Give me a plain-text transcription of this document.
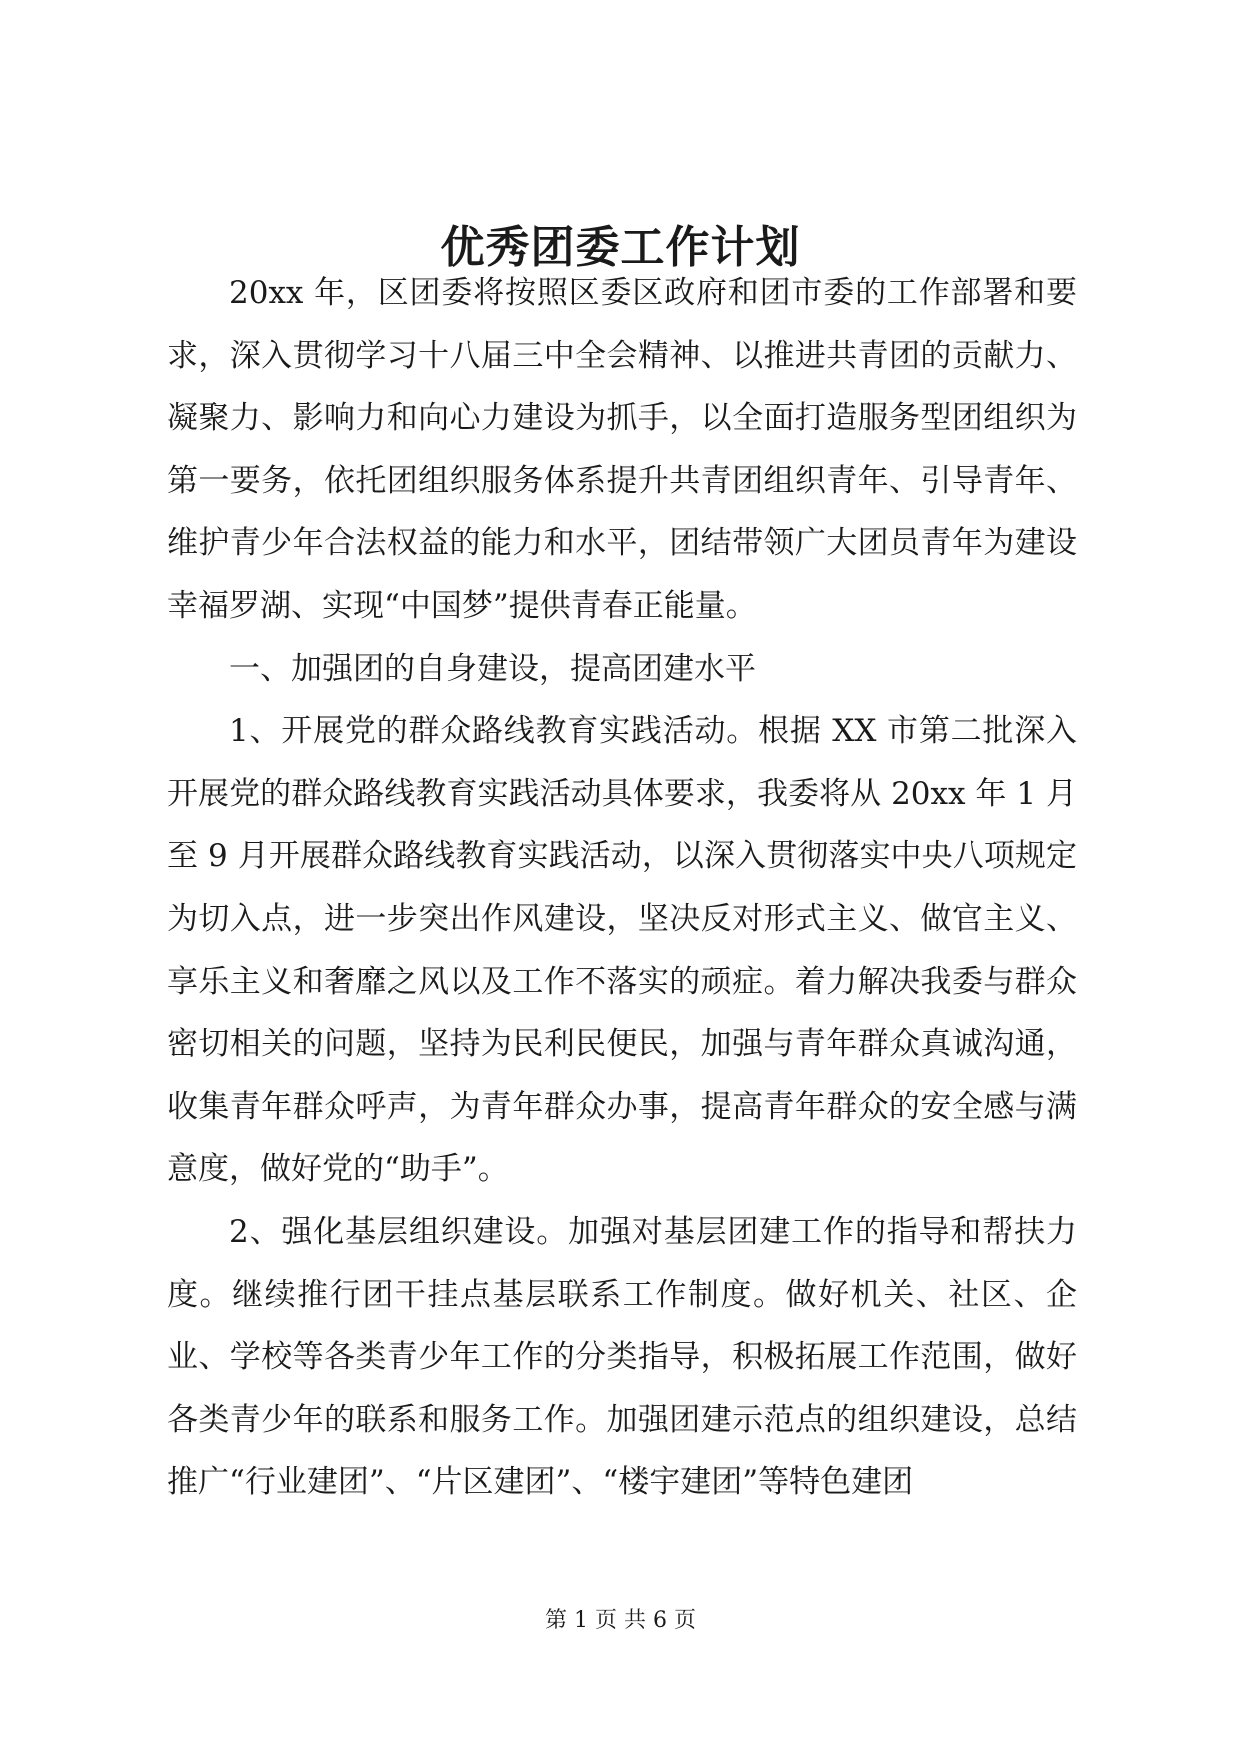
优秀团委工作计划

20xx 年，区团委将按照区委区政府和团市委的工作部署和要求，深入贯彻学习十八届三中全会精神、以推进共青团的贡献力、凝聚力、影响力和向心力建设为抓手，以全面打造服务型团组织为第一要务，依托团组织服务体系提升共青团组织青年、引导青年、维护青少年合法权益的能力和水平，团结带领广大团员青年为建设幸福罗湖、实现“中国梦”提供青春正能量。

一、加强团的自身建设，提高团建水平

1、开展党的群众路线教育实践活动。根据 XX 市第二批深入开展党的群众路线教育实践活动具体要求，我委将从 20xx 年 1 月至 9 月开展群众路线教育实践活动，以深入贯彻落实中央八项规定为切入点，进一步突出作风建设，坚决反对形式主义、做官主义、享乐主义和奢靡之风以及工作不落实的顽症。着力解决我委与群众密切相关的问题，坚持为民利民便民，加强与青年群众真诚沟通，收集青年群众呼声，为青年群众办事，提高青年群众的安全感与满意度，做好党的“助手”。

2、强化基层组织建设。加强对基层团建工作的指导和帮扶力度。继续推行团干挂点基层联系工作制度。做好机关、社区、企业、学校等各类青少年工作的分类指导，积极拓展工作范围，做好各类青少年的联系和服务工作。加强团建示范点的组织建设，总结推广“行业建团”、“片区建团”、“楼宇建团”等特色建团

第 1 页 共 6 页
